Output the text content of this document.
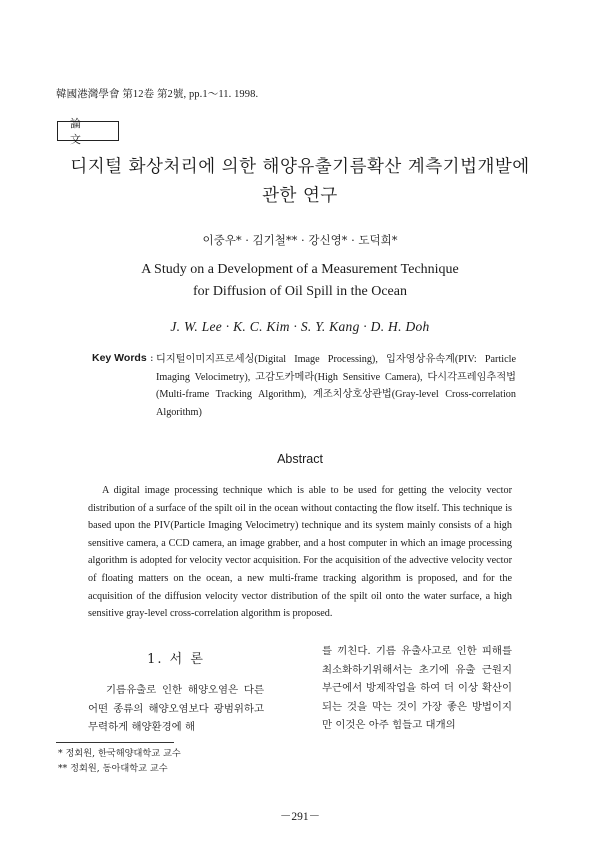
韓國港灣學會 第12卷 第2號, pp.1～11. 1998.
論 文
디지털 화상처리에 의한 해양유출기름확산 계측기법개발에 관한 연구
이중우* · 김기철** · 강신영* · 도덕희*
A Study on a Development of a Measurement Technique
for Diffusion of Oil Spill in the Ocean
J. W. Lee · K. C. Kim · S. Y. Kang · D. H. Doh
Key Words : 디지털이미지프로세싱(Digital Image Processing), 입자영상유속계(PIV: Particle Imaging Velocimetry), 고감도카메라(High Sensitive Camera), 다시각프레임추적법(Multi-frame Tracking Algorithm), 계조치상호상관법(Gray-level Cross-correlation Algorithm)
Abstract
A digital image processing technique which is able to be used for getting the velocity vector distribution of a surface of the spilt oil in the ocean without contacting the flow itself. This technique is based upon the PIV(Particle Imaging Velocimetry) technique and its system mainly consists of a high sensitive camera, a CCD camera, an image grabber, and a host computer in which an image processing algorithm is adopted for velocity vector acquisition. For the acquisition of the advective velocity vector of floating matters on the ocean, a new multi-frame tracking algorithm is proposed, and for the acquisition of the diffusion velocity vector distribution of the spilt oil onto the water surface, a high sensitive gray-level cross-correlation algorithm is proposed.
1. 서 론
기름유출로 인한 해양오염은 다른 어떤 종류의 해양오염보다 광범위하고 무력하게 해양환경에 해
를 끼친다. 기름 유출사고로 인한 피해를 최소화하기위해서는 초기에 유출 근원지 부근에서 방제작업을 하여 더 이상 확산이 되는 것을 막는 것이 가장 좋은 방법이지만 이것은 아주 힘들고 대개의
* 정회원, 한국해양대학교 교수
** 정회원, 동아대학교 교수
－291－
